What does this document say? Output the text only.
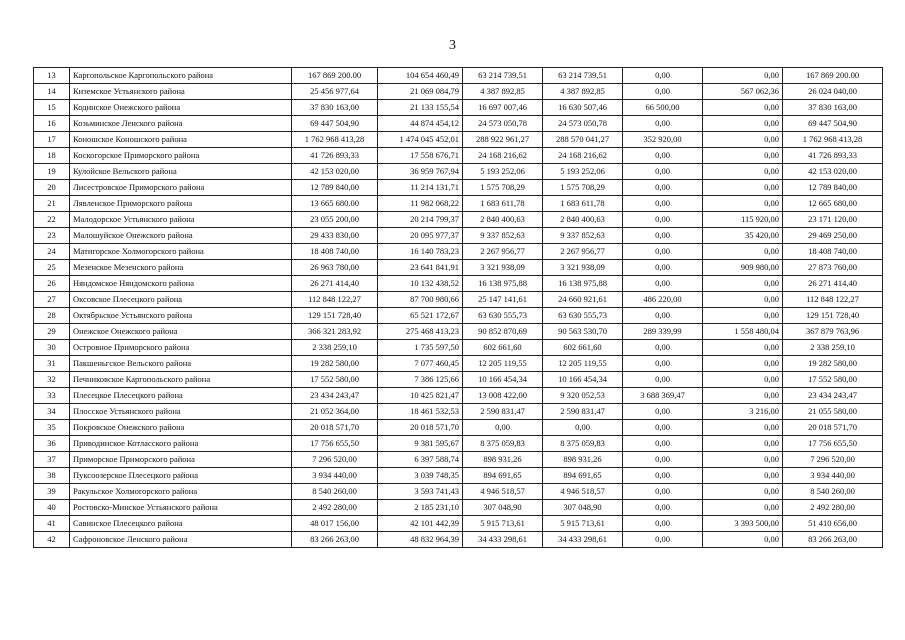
3
13	Каргопольское Каргопольского района	167 869 200.00	104 654 460,49	63 214 739,51	63 214 739,51	0,00	0,00	167 869 200.00
14	Киземское Устьянского района	25 456 977,64	21 069 084,79	4 387 892,85	4 387 892,85	0,00	567 062,36	26 024 040,00
15	Кодинское Онежского района	37 830 163,00	21 133 155,54	16 697 007,46	16 630 507,46	66 500,00	0,00	37 830 163,00
16	Козьминское Ленского района	69 447 504,90	44 874 454,12	24 573 050,78	24 573 050,78	0,00	0,00	69 447 504,90
17	Коношское Коношского района	1 762 968 413,28	1 474 045 452,01	288 922 961,27	288 570 041,27	352 920,00	0,00	1 762 968 413,28
18	Коскогорское Приморского района	41 726 893,33	17 558 676,71	24 168 216,62	24 168 216,62	0,00	0,00	41 726 893,33
19	Кулойское Вельского района	42 153 020,00	36 959 767,94	5 193 252,06	5 193 252,06	0,00	0,00	42 153 020,00
20	Лисестровское Приморского района	12 789 840,00	11 214 131,71	1 575 708,29	1 575 708,29	0,00	0,00	12 789 840,00
21	Лявленское Приморского района	13 665 680.00	11 982 068,22	1 683 611,78	1 683 611,78	0,00	0,00	12 665 680,00
22	Малодорское Устьянского района	23 055 200,00	20 214 799,37	2 840 400,63	2 840 400,63	0,00	115 920,00	23 171 120,00
23	Малошуйское Онежского района	29 433 830,00	20 095 977,37	9 337 852,63	9 337 852,63	0,00	35 420,00	29 469 250,00
24	Матигорское Холмогорского района	18 408 740,00	16 140 783,23	2 267 956,77	2 267 956,77	0,00	0,00	18 408 740,00
25	Мезенское Мезенского района	26 963 780,00	23 641 841,91	3 321 938,09	3 321 938,09	0,00	909 980,00	27 873 760,00
26	Няндомское Няндомского района	26 271 414,40	10 132 438,52	16 138 975,88	16 138 975,88	0,00	0,00	26 271 414,40
27	Оксовское Плесецкого района	112 848 122,27	87 700 980,66	25 147 141,61	24 660 921,61	486 220,00	0,00	112 848 122,27
28	Октябрьское Устьянского района	129 151 728,40	65 521 172,67	63 630 555,73	63 630 555,73	0,00	0,00	129 151 728,40
29	Онежское Онежского района	366 321 283,92	275 468 413,23	90 852 870,69	90 563 530,70	289 339,99	1 558 480,04	367 879 763,96
30	Островное Приморского района	2 338 259,10	1 735 597,50	602 661,60	602 661,60	0,00	0,00	2 338 259,10
31	Пакшеньгское Вельского района	19 282 580,00	7 077 460,45	12 205 119,55	12 205 119,55	0,00	0,00	19 282 580,00
32	Печниковское Каргопольского района	17 552 580,00	7 386 125,66	10 166 454,34	10 166 454,34	0,00	0,00	17 552 580,00
33	Плесецкое Плесецкого района	23 434 243,47	10 425 821,47	13 008 422,00	9 320 052,53	3 688 369,47	0,00	23 434 243,47
34	Плосское Устьянского района	21 052 364,00	18 461 532,53	2 590 831,47	2 590 831,47	0,00	3 216,00	21 055 580,00
35	Покровское Онежского района	20 018 571,70	20 018 571,70	0,00	0,00	0,00	0,00	20 018 571,70
36	Приводинское Котласского района	17 756 655,50	9 381 595,67	8 375 059,83	8 375 059,83	0,00	0,00	17 756 655,50
37	Приморское Приморского района	7 296 520,00	6 397 588,74	898 931,26	898 931,26	0,00	0,00	7 296 520,00
38	Пуксоозерское Плесецкого района	3 934 440,00	3 039 748,35	894 691,65	894 691,65	0,00	0,00	3 934 440,00
39	Ракульское Холмогорского района	8 540 260,00	3 593 741,43	4 946 518,57	4 946 518,57	0,00	0,00	8 540 260,00
40	Ростовско-Минское Устьянского района	2 492 280,00	2 185 231,10	307 048,90	307 048,90	0,00	0,00	2 492 280,00
41	Савинское Плесецкого района	48 017 156,00	42 101 442,39	5 915 713,61	5 915 713,61	0,00	3 393 500,00	51 410 656,00
42	Сафроновское Ленского района	83 266 263,00	48 832 964,39	34 433 298,61	34 433 298,61	0,00	0,00	83 266 263,00
